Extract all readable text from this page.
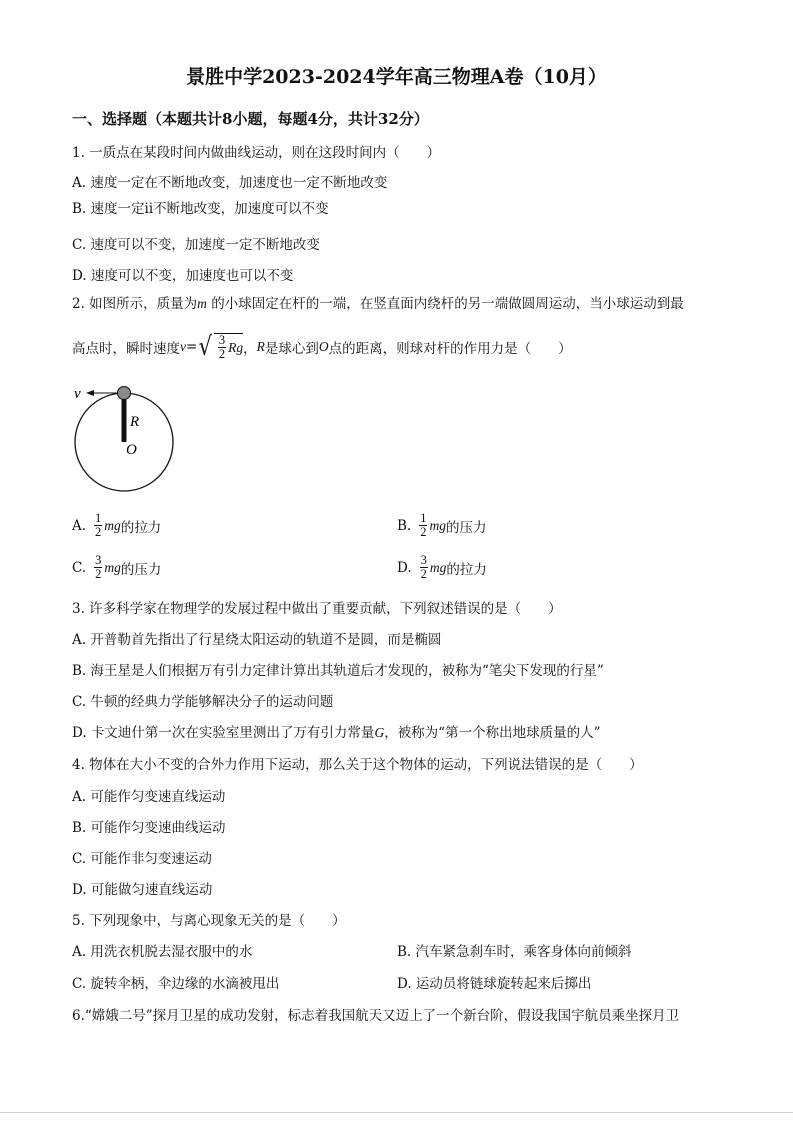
景胜中学2023-2024学年高三物理A卷（10月）
一、选择题（本题共计8小题，每题4分，共计32分）
1. 一质点在某段时间内做曲线运动，则在这段时间内（　　）
A. 速度一定在不断地改变，加速度也一定不断地改变
B. 速度一定ⅱ不断地改变，加速度可以不变
C. 速度可以不变，加速度一定不断地改变
D. 速度可以不变，加速度也可以不变
2. 如图所示，质量为m 的小球固定在杆的一端，在竖直面内绕杆的另一端做圆周运动，当小球运动到最
高点时，瞬时速度 v = √ $\frac{3}{2}$ Rg ， R 是球心到 O 点的距离，则球对杆的作用力是（　　）
v
R
O
A. $\frac{1}{2}$ mg 的拉力	B. $\frac{1}{2}$ mg 的压力
C. $\frac{3}{2}$ mg 的压力	D. $\frac{3}{2}$ mg 的拉力
3. 许多科学家在物理学的发展过程中做出了重要贡献，下列叙述错误的是（　　）
A. 开普勒首先指出了行星绕太阳运动的轨道不是圆，而是椭圆
B. 海王星是人们根据万有引力定律计算出其轨道后才发现的，被称为“笔尖下发现的行星”
C. 牛顿的经典力学能够解决分子的运动问题
D. 卡文迪什第一次在实验室里测出了万有引力常量G，被称为“第一个称出地球质量的人”
4. 物体在大小不变的合外力作用下运动，那么关于这个物体的运动，下列说法错误的是（　　）
A. 可能作匀变速直线运动
B. 可能作匀变速曲线运动
C. 可能作非匀变速运动
D. 可能做匀速直线运动
5. 下列现象中，与离心现象无关的是（　　）
A. 用洗衣机脱去湿衣服中的水	B. 汽车紧急刹车时，乘客身体向前倾斜
C. 旋转伞柄，伞边缘的水滴被甩出	D. 运动员将链球旋转起来后掷出
6.“嫦娥二号”探月卫星的成功发射，标志着我国航天又迈上了一个新台阶，假设我国宇航员乘坐探月卫
